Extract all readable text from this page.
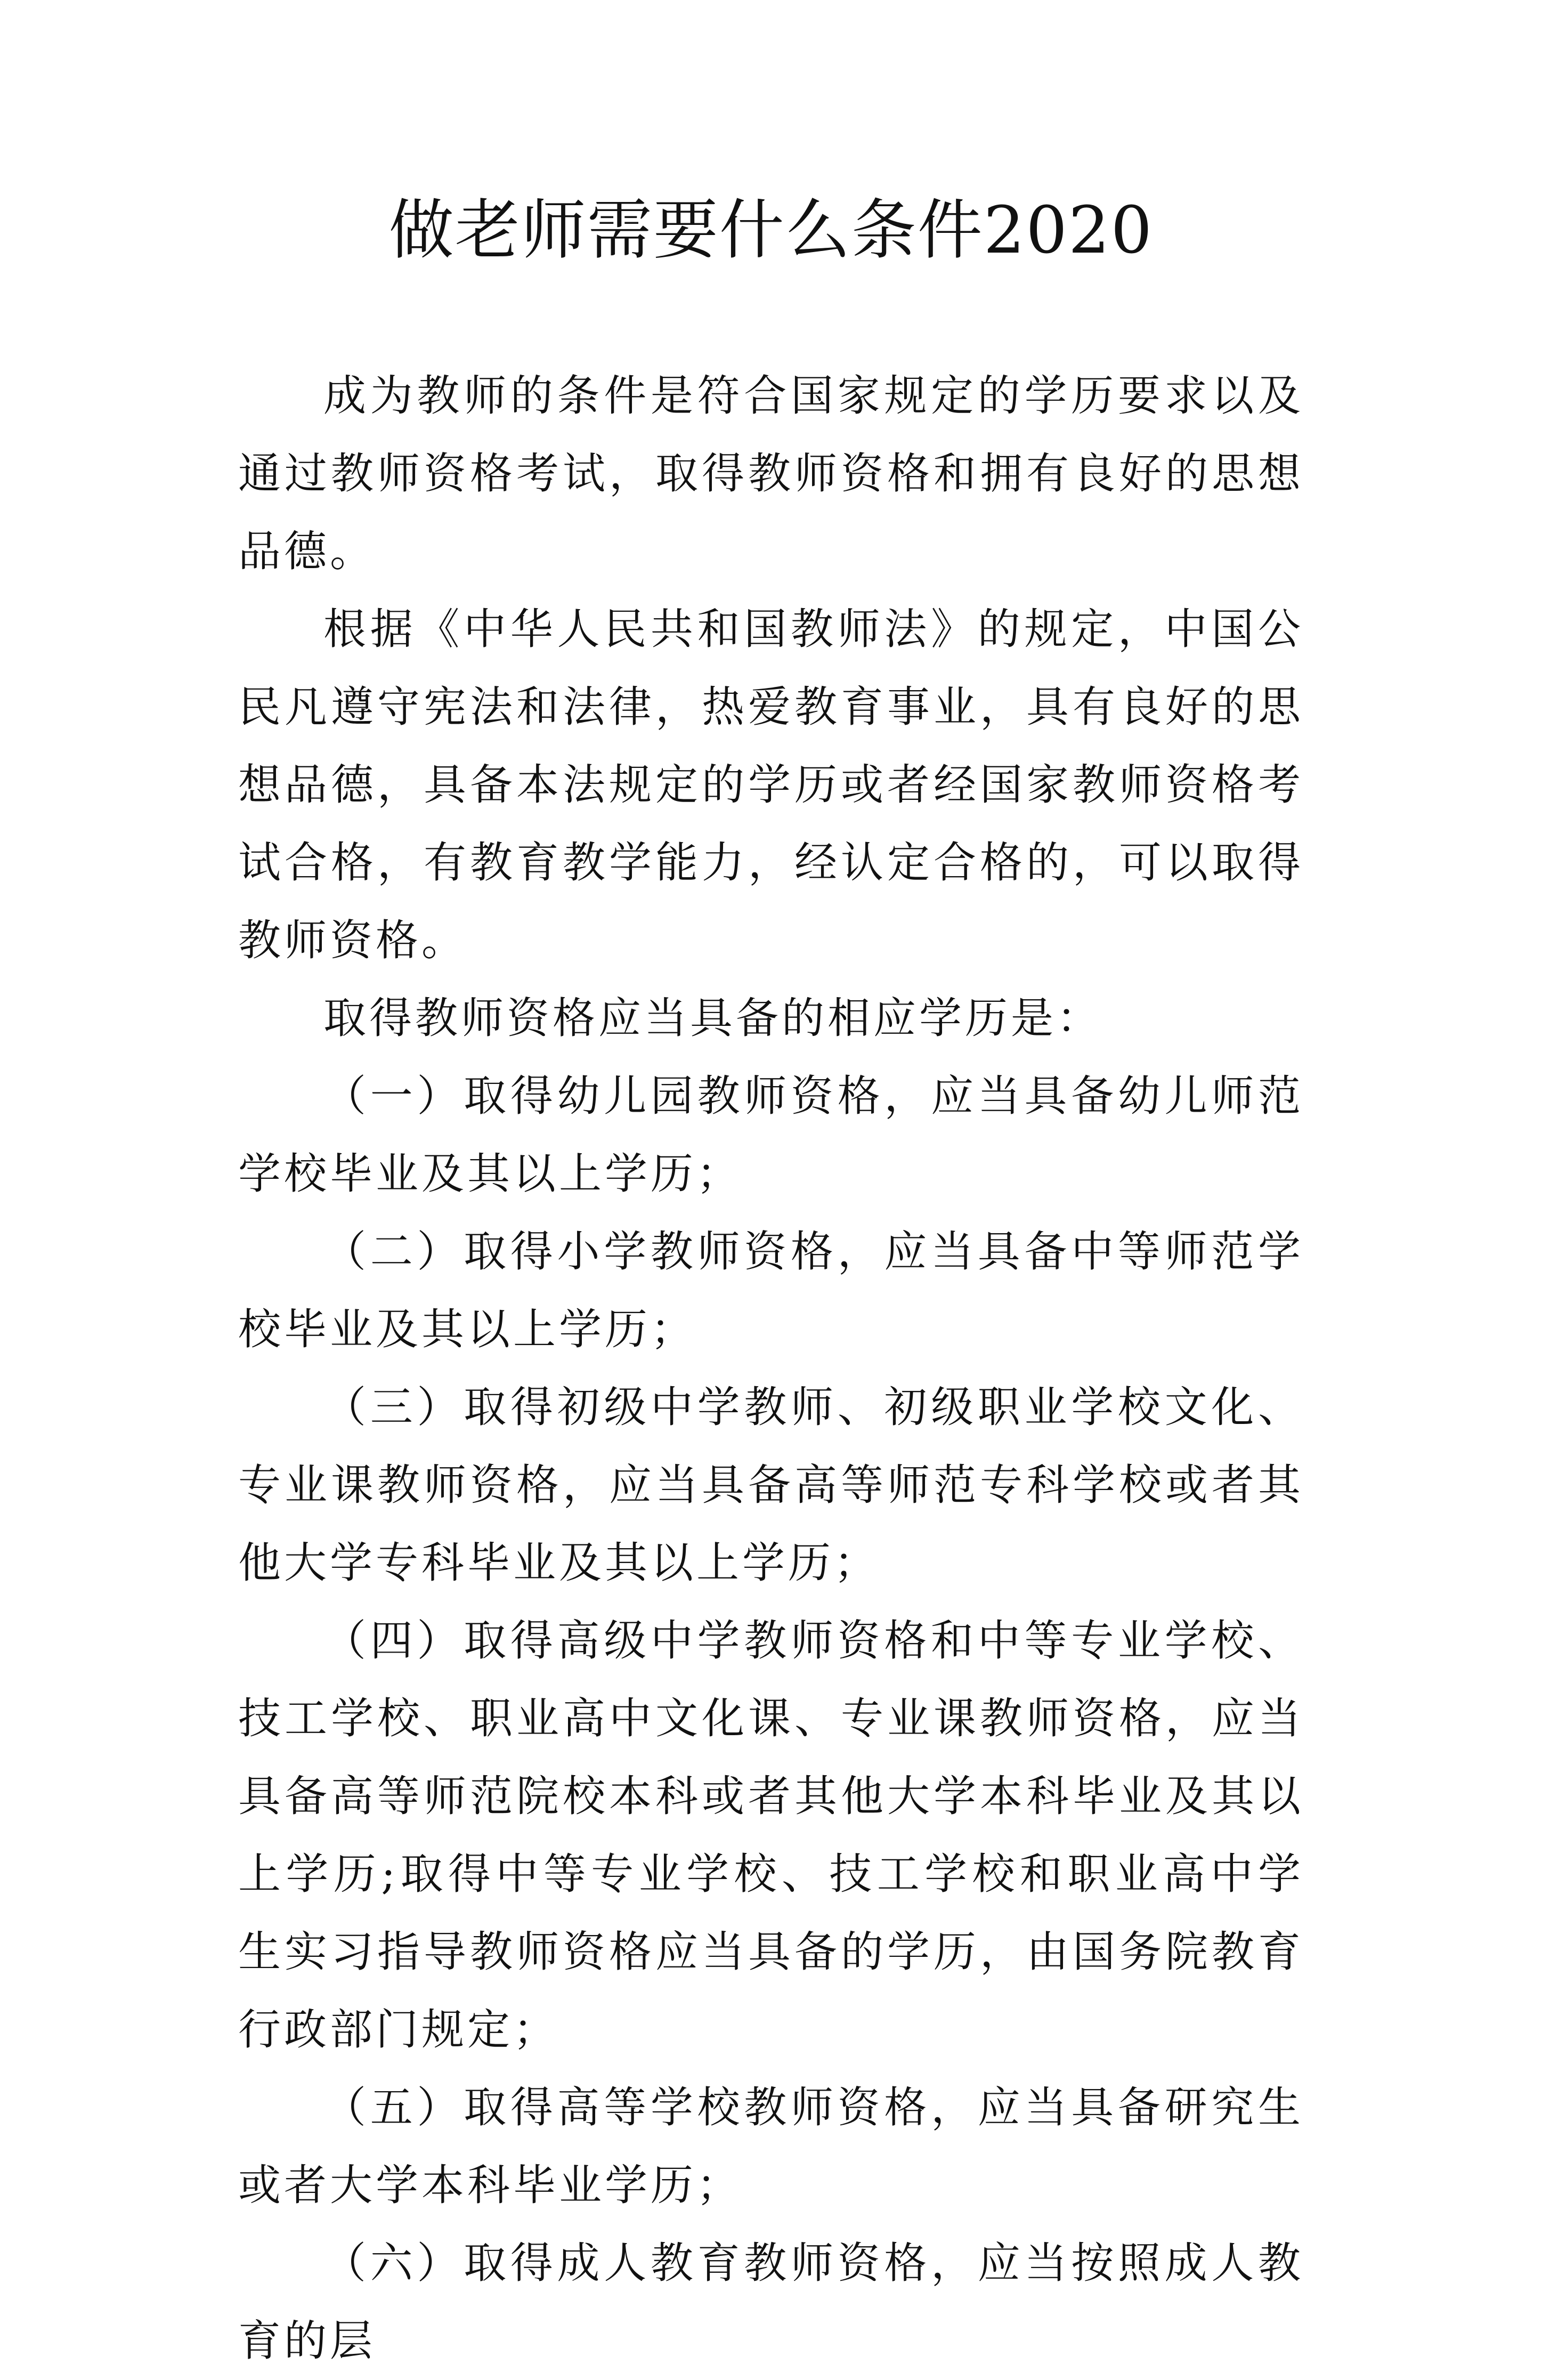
做老师需要什么条件2020

成为教师的条件是符合国家规定的学历要求以及通过教师资格考试，取得教师资格和拥有良好的思想品德。

根据《中华人民共和国教师法》的规定，中国公民凡遵守宪法和法律，热爱教育事业，具有良好的思想品德，具备本法规定的学历或者经国家教师资格考试合格，有教育教学能力，经认定合格的，可以取得教师资格。

取得教师资格应当具备的相应学历是：

（一）取得幼儿园教师资格，应当具备幼儿师范学校毕业及其以上学历；

（二）取得小学教师资格，应当具备中等师范学校毕业及其以上学历；

（三）取得初级中学教师、初级职业学校文化、专业课教师资格，应当具备高等师范专科学校或者其他大学专科毕业及其以上学历；

（四）取得高级中学教师资格和中等专业学校、技工学校、职业高中文化课、专业课教师资格，应当具备高等师范院校本科或者其他大学本科毕业及其以上学历;取得中等专业学校、技工学校和职业高中学生实习指导教师资格应当具备的学历，由国务院教育行政部门规定；

（五）取得高等学校教师资格，应当具备研究生或者大学本科毕业学历；

（六）取得成人教育教师资格，应当按照成人教育的层
